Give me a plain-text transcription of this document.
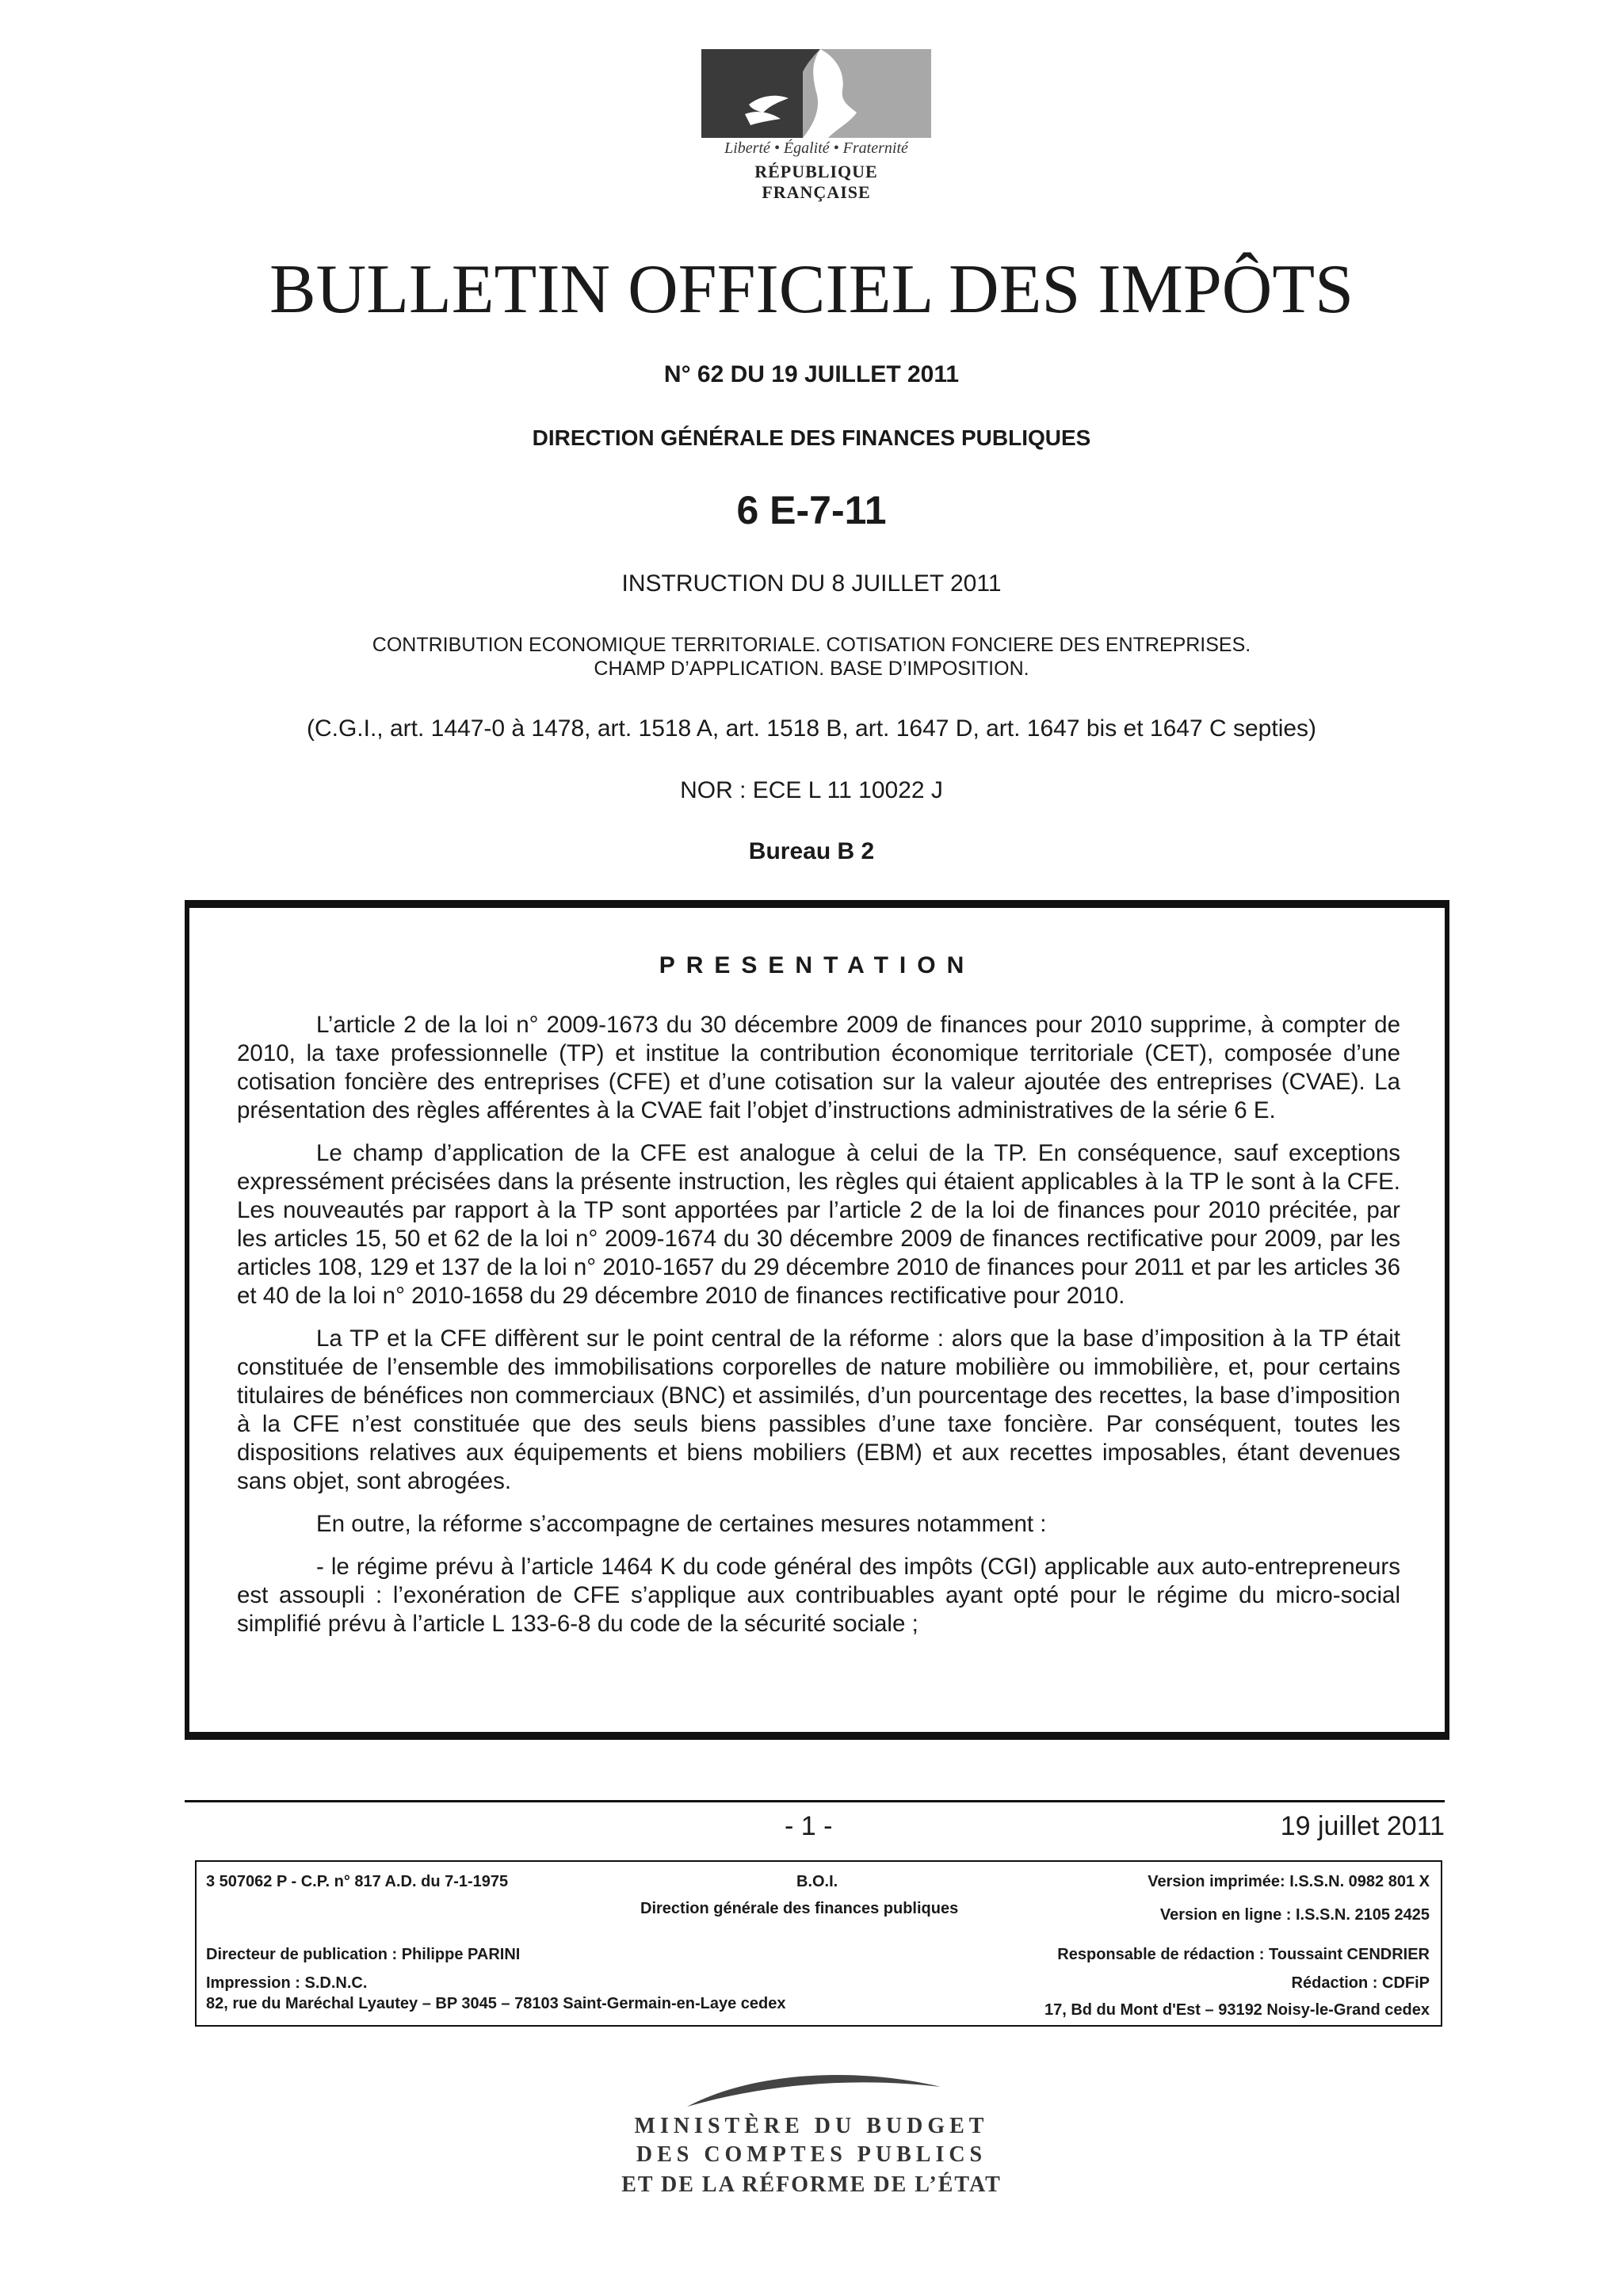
Liberté • Égalité • Fraternité
RÉPUBLIQUE FRANÇAISE
BULLETIN OFFICIEL DES IMPÔTS
N° 62 DU 19 JUILLET 2011
DIRECTION GÉNÉRALE DES FINANCES PUBLIQUES
6 E-7-11
INSTRUCTION DU 8 JUILLET 2011
CONTRIBUTION ECONOMIQUE TERRITORIALE. COTISATION FONCIERE DES ENTREPRISES.
CHAMP D’APPLICATION. BASE D’IMPOSITION.
(C.G.I., art. 1447-0 à 1478, art. 1518 A, art. 1518 B, art. 1647 D, art. 1647 bis et 1647 C septies)
NOR : ECE L 11 10022 J
Bureau B 2
PRESENTATION

L’article 2 de la loi n° 2009-1673 du 30 décembre 2009 de finances pour 2010 supprime, à compter de 2010, la taxe professionnelle (TP) et institue la contribution économique territoriale (CET), composée d’une cotisation foncière des entreprises (CFE) et d’une cotisation sur la valeur ajoutée des entreprises (CVAE). La présentation des règles afférentes à la CVAE fait l’objet d’instructions administratives de la série 6 E.

Le champ d’application de la CFE est analogue à celui de la TP. En conséquence, sauf exceptions expressément précisées dans la présente instruction, les règles qui étaient applicables à la TP le sont à la CFE. Les nouveautés par rapport à la TP sont apportées par l’article 2 de la loi de finances pour 2010 précitée, par les articles 15, 50 et 62 de la loi n° 2009-1674 du 30 décembre 2009 de finances rectificative pour 2009, par les articles 108, 129 et 137 de la loi n° 2010-1657 du 29 décembre 2010 de finances pour 2011 et par les articles 36 et 40 de la loi n° 2010-1658 du 29 décembre 2010 de finances rectificative pour 2010.

La TP et la CFE diffèrent sur le point central de la réforme : alors que la base d’imposition à la TP était constituée de l’ensemble des immobilisations corporelles de nature mobilière ou immobilière, et, pour certains titulaires de bénéfices non commerciaux (BNC) et assimilés, d’un pourcentage des recettes, la base d’imposition à la CFE n’est constituée que des seuls biens passibles d’une taxe foncière. Par conséquent, toutes les dispositions relatives aux équipements et biens mobiliers (EBM) et aux recettes imposables, étant devenues sans objet, sont abrogées.

En outre, la réforme s’accompagne de certaines mesures notamment :

- le régime prévu à l’article 1464 K du code général des impôts (CGI) applicable aux auto-entrepreneurs est assoupli : l’exonération de CFE s’applique aux contribuables ayant opté pour le régime du micro-social simplifié prévu à l’article L 133-6-8 du code de la sécurité sociale ;

- 1 -	19 juillet 2011
3 507062 P - C.P. n° 817 A.D. du 7-1-1975	B.O.I.
Direction générale des finances publiques
Version imprimée: I.S.S.N. 0982 801 X
Version en ligne : I.S.S.N. 2105 2425
Directeur de publication : Philippe PARINI	Responsable de rédaction : Toussaint CENDRIER
Impression : S.D.N.C.
82, rue du Maréchal Lyautey – BP 3045 – 78103 Saint-Germain-en-Laye cedex
Rédaction : CDFiP
17, Bd du Mont d'Est – 93192 Noisy-le-Grand cedex
MINISTÈRE DU BUDGET
DES COMPTES PUBLICS
ET DE LA RÉFORME DE L’ÉTAT
